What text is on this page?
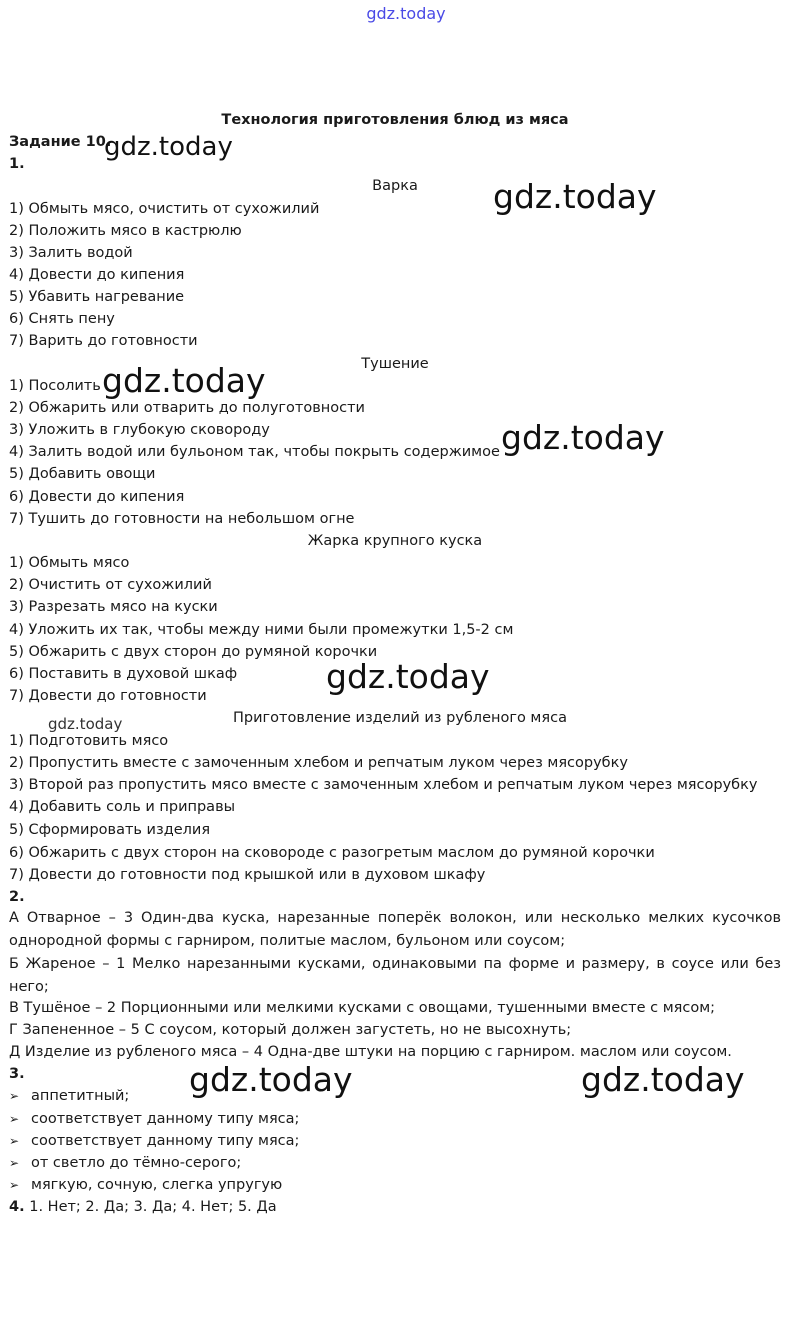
gdz.today
Технология приготовления блюд из мяса
Задание 10.
1.
Варка
1) Обмыть мясо, очистить от сухожилий
2) Положить мясо в кастрюлю
3) Залить водой
4) Довести до кипения
5) Убавить нагревание
6) Снять пену
7) Варить до готовности
Тушение
1) Посолить
2) Обжарить или отварить до полуготовности
3) Уложить в глубокую сковороду
4) Залить водой или бульоном так, чтобы покрыть содержимое
5) Добавить овощи
6) Довести до кипения
7) Тушить до готовности на небольшом огне
Жарка крупного куска
1) Обмыть мясо
2) Очистить от сухожилий
3) Разрезать мясо на куски
4) Уложить их так, чтобы между ними были промежутки 1,5-2 см
5) Обжарить с двух сторон до румяной корочки
6) Поставить в духовой шкаф
7) Довести до готовности
Приготовление изделий из рубленого мяса
1) Подготовить мясо
2) Пропустить вместе с замоченным хлебом и репчатым луком через мясорубку
3) Второй раз пропустить мясо вместе с замоченным хлебом и репчатым луком через мясорубку
4) Добавить соль и приправы
5) Сформировать изделия
6) Обжарить с двух сторон на сковороде с разогретым маслом до румяной корочки
7) Довести до готовности под крышкой или в духовом шкафу
2.
А Отварное – 3 Один-два куска, нарезанные поперёк волокон, или несколько мелких кусочков однородной формы с гарниром, политые маслом, бульоном или соусом;
Б Жареное – 1 Мелко нарезанными кусками, одинаковыми па форме и размеру, в соусе или без него;
В Тушёное – 2 Порционными или мелкими кусками с овощами, тушенными вместе с мясом;
Г Запененное – 5 С соусом, который должен загустеть, но не высохнуть;
Д Изделие из рубленого мяса – 4 Одна-две штуки на порцию с гарниром. маслом или соусом.
3.
➢ аппетитный;
➢ соответствует данному типу мяса;
➢ соответствует данному типу мяса;
➢ от светло до тёмно-серого;
➢ мягкую, сочную, слегка упругую
4. 1. Нет; 2. Да; 3. Да; 4. Нет; 5. Да
gdz.today
gdz.today
gdz.today
gdz.today
gdz.today
gdz.today
gdz.today	gdz.today
